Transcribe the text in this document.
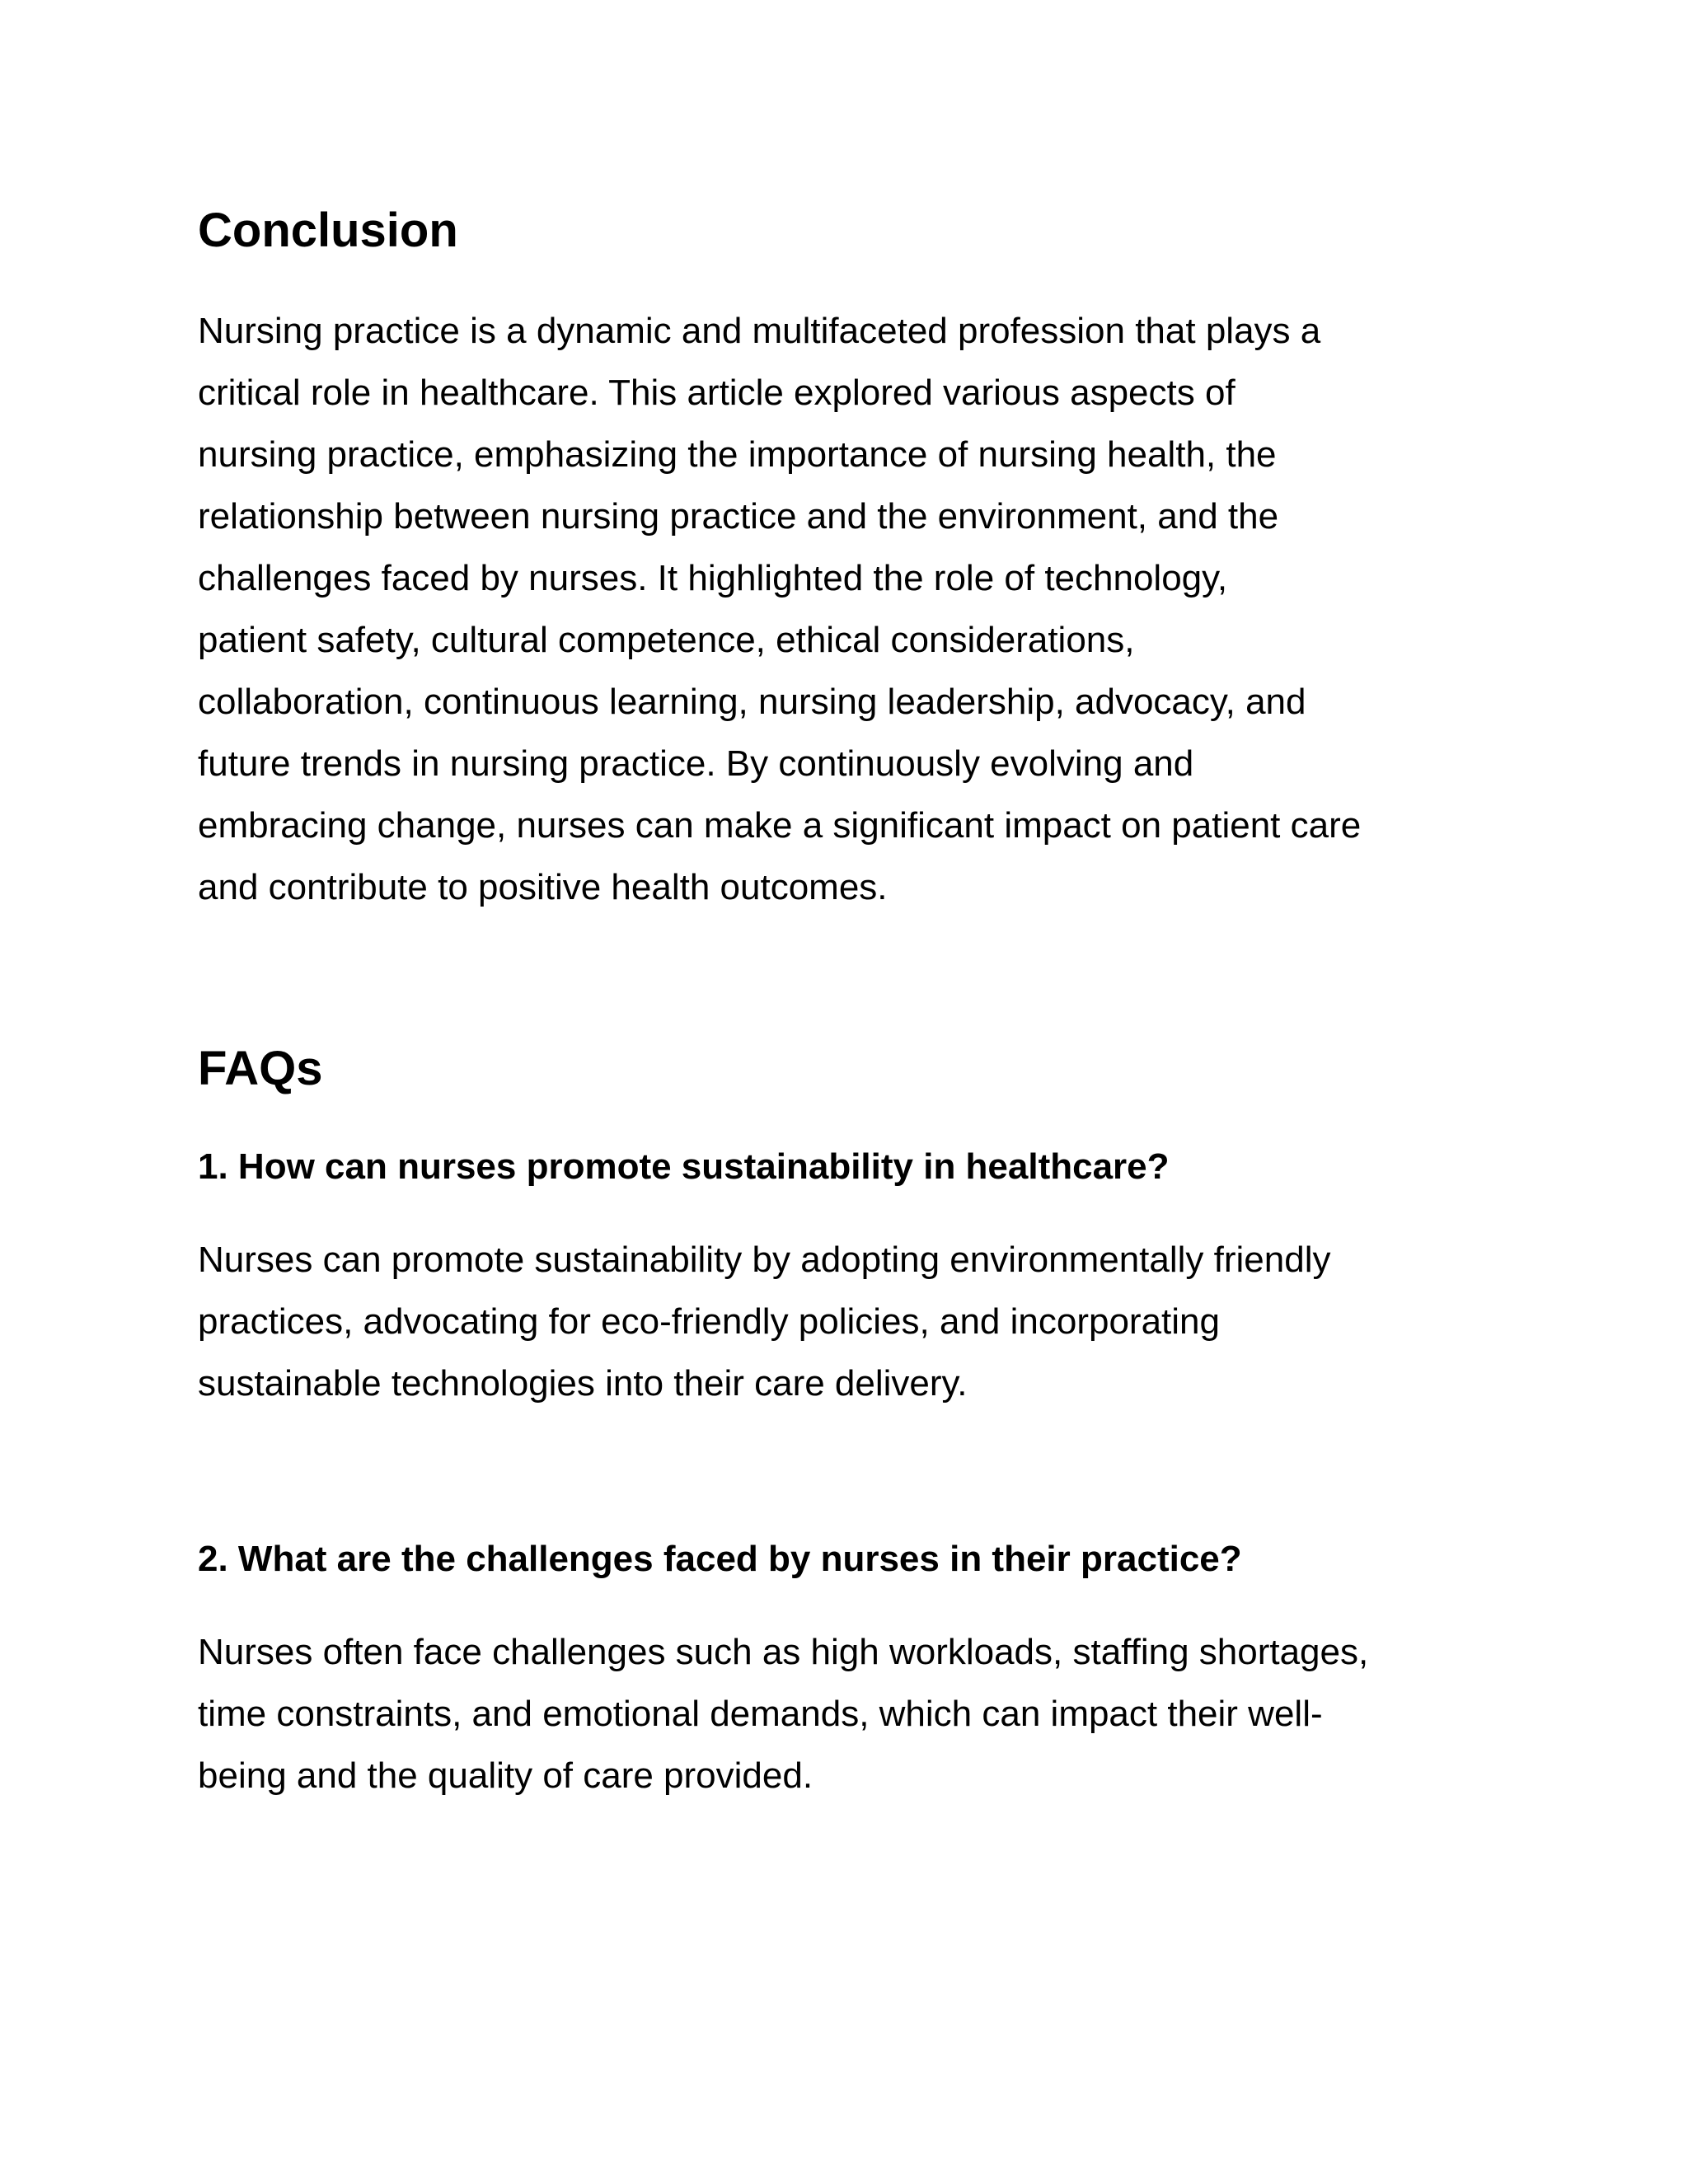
Conclusion
Nursing practice is a dynamic and multifaceted profession that plays a
critical role in healthcare. This article explored various aspects of
nursing practice, emphasizing the importance of nursing health, the
relationship between nursing practice and the environment, and the
challenges faced by nurses. It highlighted the role of technology,
patient safety, cultural competence, ethical considerations,
collaboration, continuous learning, nursing leadership, advocacy, and
future trends in nursing practice. By continuously evolving and
embracing change, nurses can make a significant impact on patient care
and contribute to positive health outcomes.
FAQs
1. How can nurses promote sustainability in healthcare?
Nurses can promote sustainability by adopting environmentally friendly
practices, advocating for eco-friendly policies, and incorporating
sustainable technologies into their care delivery.
2. What are the challenges faced by nurses in their practice?
Nurses often face challenges such as high workloads, staffing shortages,
time constraints, and emotional demands, which can impact their well-
being and the quality of care provided.
